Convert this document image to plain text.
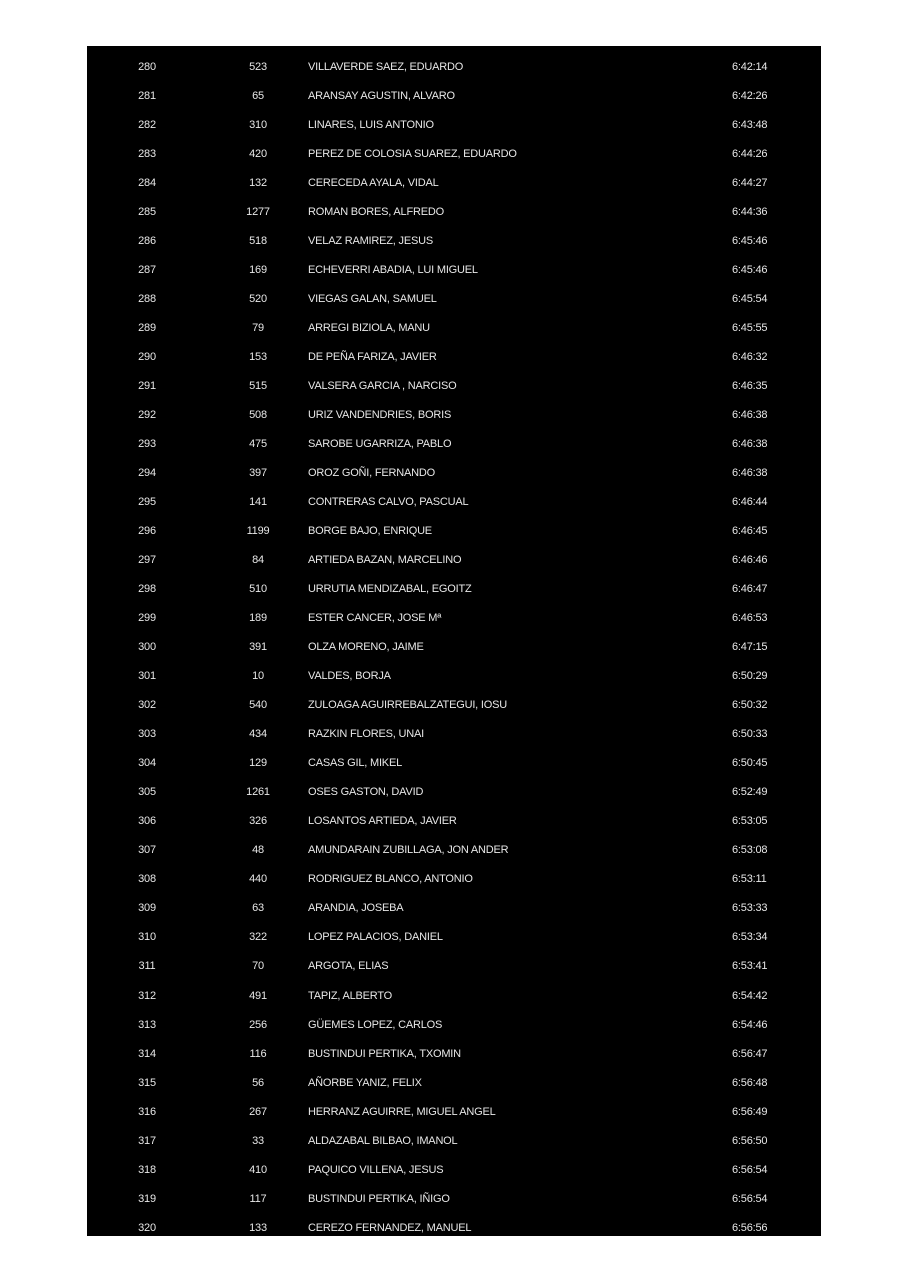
280	523	VILLAVERDE SAEZ, EDUARDO	6:42:14
281	65	ARANSAY AGUSTIN, ALVARO	6:42:26
282	310	LINARES, LUIS ANTONIO	6:43:48
283	420	PEREZ DE COLOSIA SUAREZ, EDUARDO	6:44:26
284	132	CERECEDA AYALA, VIDAL	6:44:27
285	1277	ROMAN BORES, ALFREDO	6:44:36
286	518	VELAZ RAMIREZ, JESUS	6:45:46
287	169	ECHEVERRI ABADIA, LUI MIGUEL	6:45:46
288	520	VIEGAS GALAN, SAMUEL	6:45:54
289	79	ARREGI BIZIOLA, MANU	6:45:55
290	153	DE PEÑA FARIZA, JAVIER	6:46:32
291	515	VALSERA GARCIA , NARCISO	6:46:35
292	508	URIZ VANDENDRIES, BORIS	6:46:38
293	475	SAROBE UGARRIZA, PABLO	6:46:38
294	397	OROZ GOÑI, FERNANDO	6:46:38
295	141	CONTRERAS CALVO, PASCUAL	6:46:44
296	1199	BORGE BAJO, ENRIQUE	6:46:45
297	84	ARTIEDA BAZAN, MARCELINO	6:46:46
298	510	URRUTIA MENDIZABAL, EGOITZ	6:46:47
299	189	ESTER CANCER, JOSE Mª	6:46:53
300	391	OLZA MORENO, JAIME	6:47:15
301	10	VALDES, BORJA	6:50:29
302	540	ZULOAGA AGUIRREBALZATEGUI, IOSU	6:50:32
303	434	RAZKIN FLORES, UNAI	6:50:33
304	129	CASAS GIL, MIKEL	6:50:45
305	1261	OSES GASTON, DAVID	6:52:49
306	326	LOSANTOS ARTIEDA, JAVIER	6:53:05
307	48	AMUNDARAIN ZUBILLAGA, JON ANDER	6:53:08
308	440	RODRIGUEZ BLANCO, ANTONIO	6:53:11
309	63	ARANDIA, JOSEBA	6:53:33
310	322	LOPEZ PALACIOS, DANIEL	6:53:34
311	70	ARGOTA, ELIAS	6:53:41
312	491	TAPIZ, ALBERTO	6:54:42
313	256	GÜEMES LOPEZ, CARLOS	6:54:46
314	116	BUSTINDUI PERTIKA, TXOMIN	6:56:47
315	56	AÑORBE YANIZ, FELIX	6:56:48
316	267	HERRANZ AGUIRRE, MIGUEL ANGEL	6:56:49
317	33	ALDAZABAL BILBAO, IMANOL	6:56:50
318	410	PAQUICO VILLENA, JESUS	6:56:54
319	117	BUSTINDUI PERTIKA, IÑIGO	6:56:54
320	133	CEREZO FERNANDEZ, MANUEL	6:56:56
